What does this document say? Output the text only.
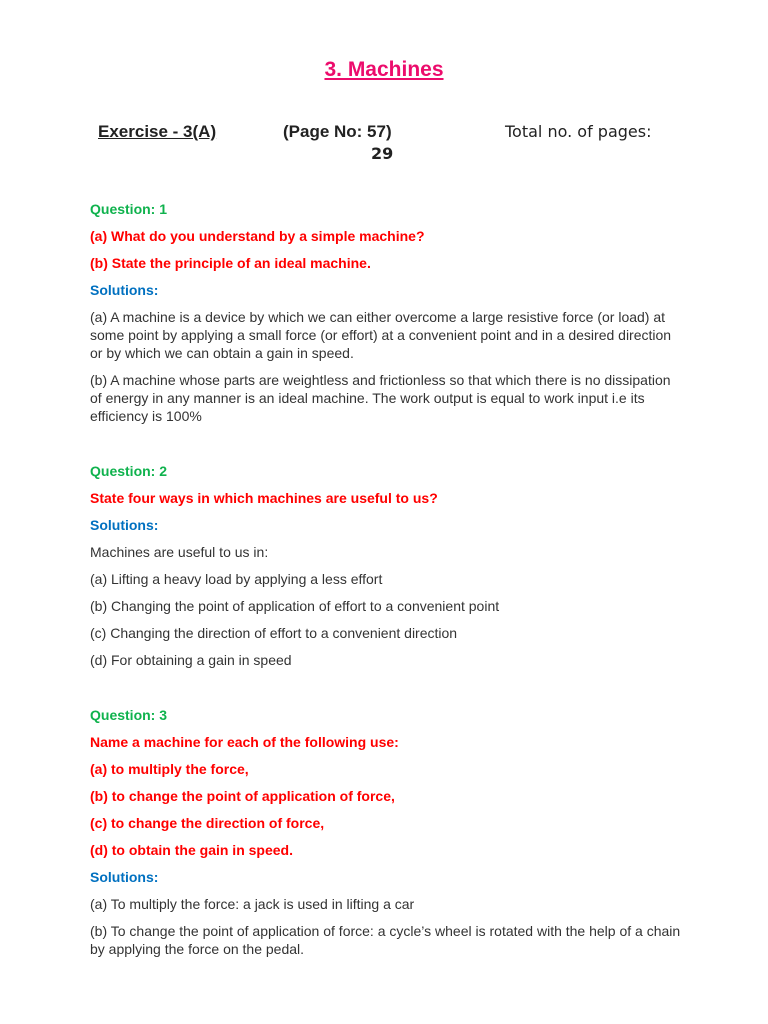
3. Machines
Exercise - 3(A)	(Page No: 57)	Total no. of pages:
29

Question: 1

(a) What do you understand by a simple machine?

(b) State the principle of an ideal machine.

Solutions:

(a) A machine is a device by which we can either overcome a large resistive force (or load) at some point by applying a small force (or effort) at a convenient point and in a desired direction or by which we can obtain a gain in speed.

(b) A machine whose parts are weightless and frictionless so that which there is no dissipation of energy in any manner is an ideal machine. The work output is equal to work input i.e its efficiency is 100%

Question: 2

State four ways in which machines are useful to us?

Solutions:

Machines are useful to us in:

(a) Lifting a heavy load by applying a less effort

(b) Changing the point of application of effort to a convenient point

(c) Changing the direction of effort to a convenient direction

(d) For obtaining a gain in speed

Question: 3

Name a machine for each of the following use:

(a) to multiply the force,

(b) to change the point of application of force,

(c) to change the direction of force,

(d) to obtain the gain in speed.

Solutions:

(a) To multiply the force: a jack is used in lifting a car

(b) To change the point of application of force: a cycle’s wheel is rotated with the help of a chain by applying the force on the pedal.
